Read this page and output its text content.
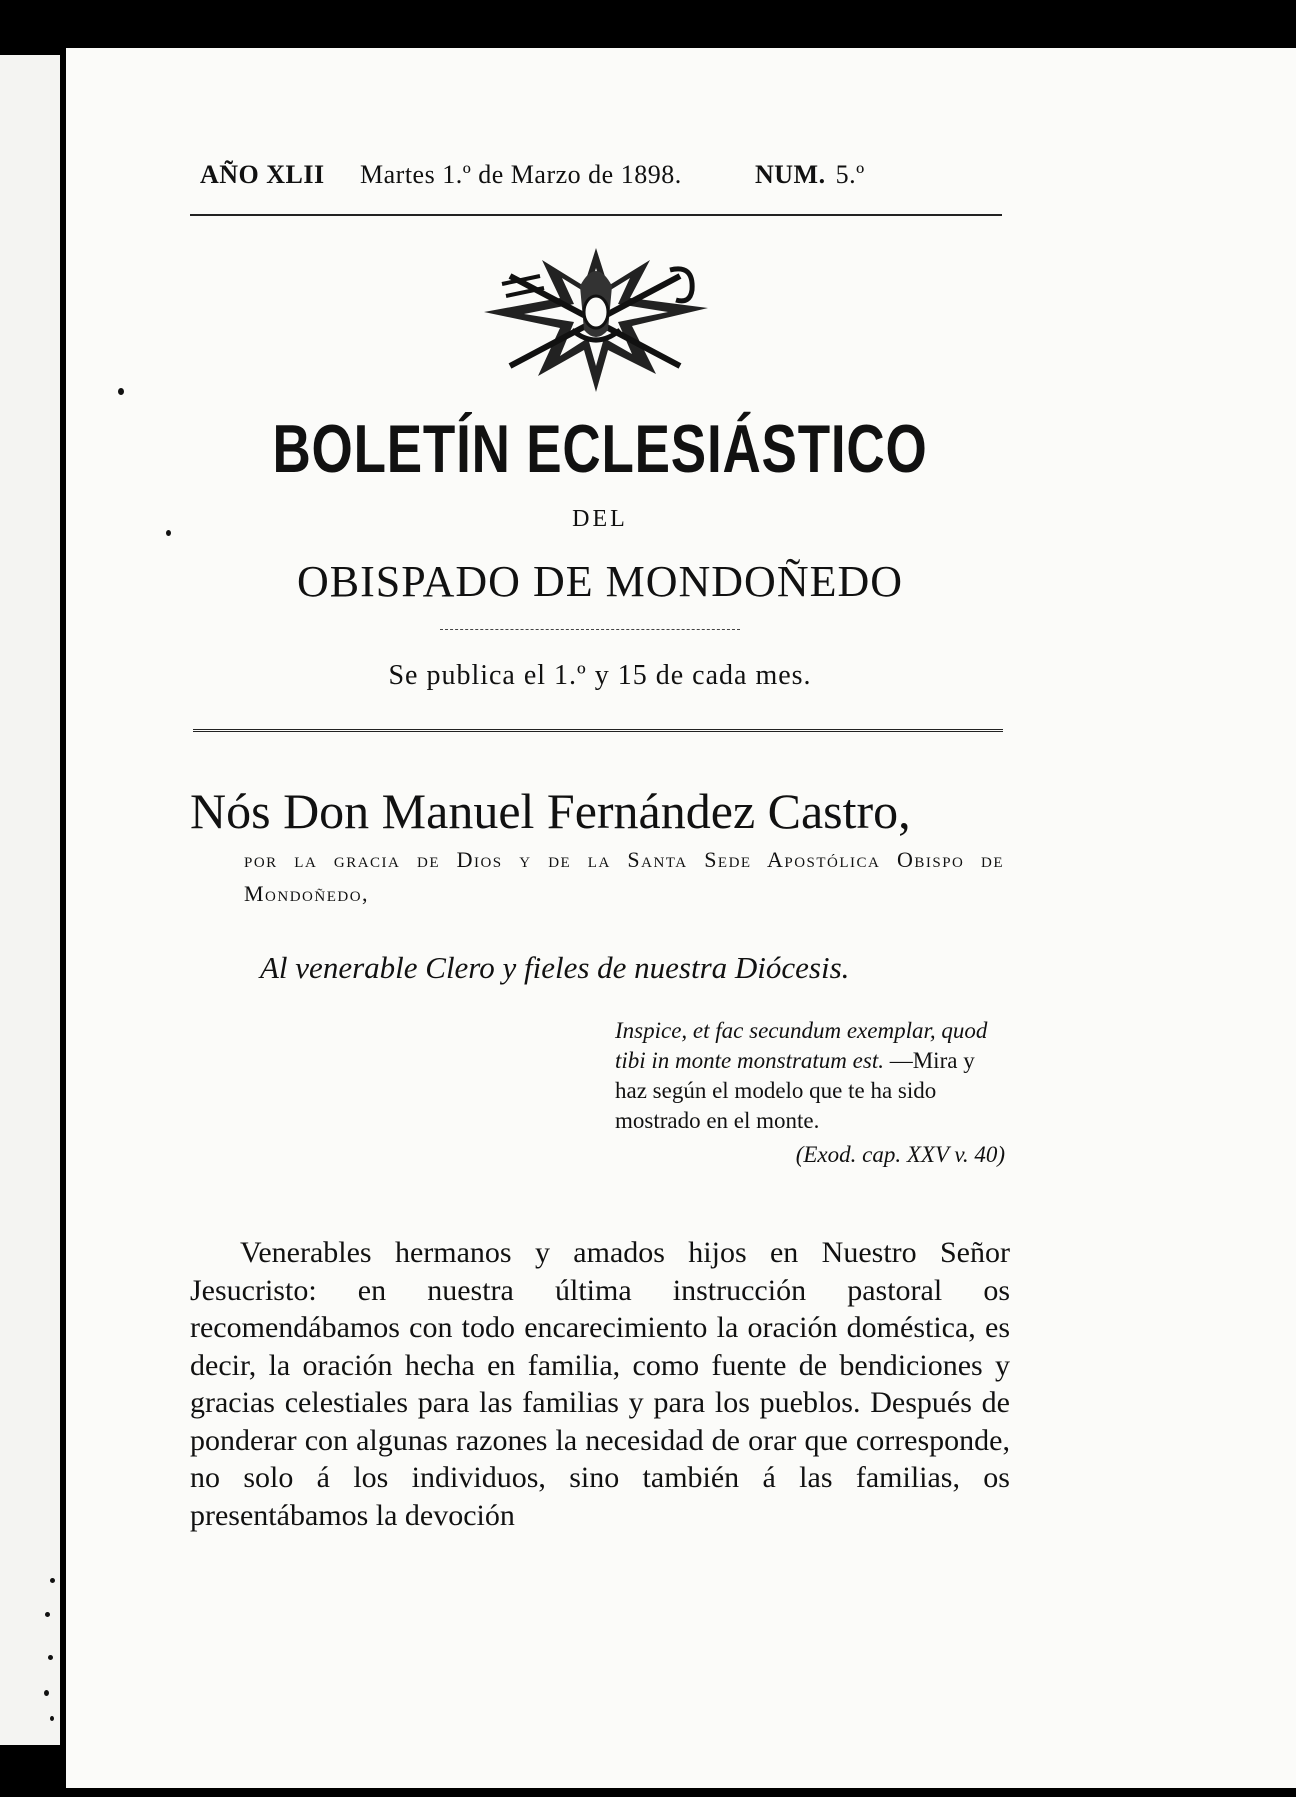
AÑO XLII	Martes 1.º de Marzo de 1898.	NUM. 5.º
BOLETÍN ECLESIÁSTICO
DEL
OBISPADO DE MONDOÑEDO
Se publica el 1.º y 15 de cada mes.
Nós Don Manuel Fernández Castro,
por la gracia de Dios y de la Santa Sede Apostólica Obispo de Mondoñedo,
Al venerable Clero y fieles de nuestra Diócesis.
Inspice, et fac secundum exemplar, quod tibi in monte monstratum est. —Mira y haz según el modelo que te ha sido mostrado en el monte.
(Exod. cap. XXV v. 40)

Venerables hermanos y amados hijos en Nuestro Señor Jesucristo: en nuestra última instrucción pastoral os recomendábamos con todo encarecimiento la oración doméstica, es decir, la oración hecha en familia, como fuente de bendiciones y gracias celestiales para las familias y para los pueblos. Después de ponderar con algunas razones la necesidad de orar que corresponde, no solo á los individuos, sino también á las familias, os presentábamos la devoción
